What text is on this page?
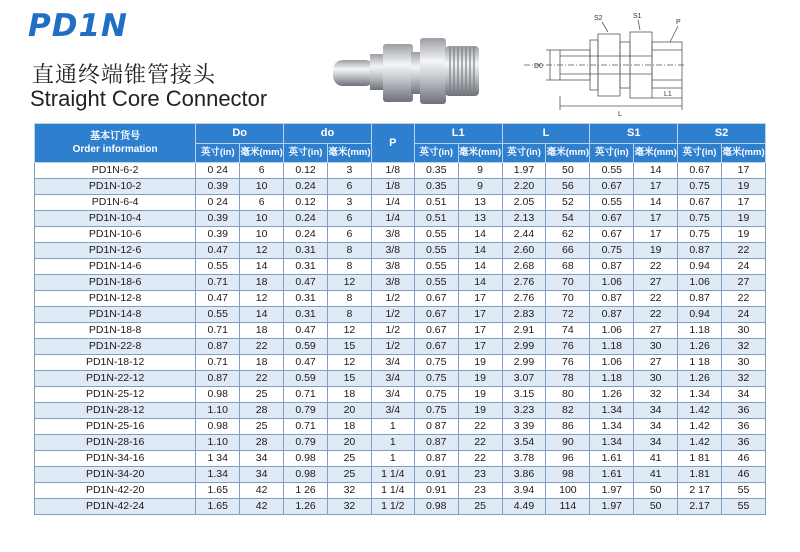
PD1N
直通终端锥管接头
Straight Core Connector
S2	S1
P
D0
L1
L
基本订货号
Order information	Do		do		P	L1		L		S1		S2	
	英寸(in)	毫米(mm)	英寸(in)	毫米(mm)		英寸(in)	毫米(mm)	英寸(in)	毫米(mm)	英寸(in)	毫米(mm)	英寸(in)	毫米(mm)
PD1N-6-2	0 24	6	0.12	3	1/8	0.35	9	1.97	50	0.55	14	0.67	17
PD1N-10-2	0.39	10	0.24	6	1/8	0.35	9	2.20	56	0.67	17	0.75	19
PD1N-6-4	0 24	6	0.12	3	1/4	0.51	13	2.05	52	0.55	14	0.67	17
PD1N-10-4	0.39	10	0.24	6	1/4	0.51	13	2.13	54	0.67	17	0.75	19
PD1N-10-6	0.39	10	0.24	6	3/8	0.55	14	2.44	62	0.67	17	0.75	19
PD1N-12-6	0.47	12	0.31	8	3/8	0.55	14	2.60	66	0.75	19	0.87	22
PD1N-14-6	0.55	14	0.31	8	3/8	0.55	14	2.68	68	0.87	22	0.94	24
PD1N-18-6	0.71	18	0.47	12	3/8	0.55	14	2.76	70	1.06	27	1.06	27
PD1N-12-8	0.47	12	0.31	8	1/2	0.67	17	2.76	70	0.87	22	0.87	22
PD1N-14-8	0.55	14	0.31	8	1/2	0.67	17	2.83	72	0.87	22	0.94	24
PD1N-18-8	0.71	18	0.47	12	1/2	0.67	17	2.91	74	1.06	27	1.18	30
PD1N-22-8	0.87	22	0.59	15	1/2	0.67	17	2.99	76	1.18	30	1.26	32
PD1N-18-12	0.71	18	0.47	12	3/4	0.75	19	2.99	76	1.06	27	1 18	30
PD1N-22-12	0.87	22	0.59	15	3/4	0.75	19	3.07	78	1.18	30	1.26	32
PD1N-25-12	0.98	25	0.71	18	3/4	0.75	19	3.15	80	1.26	32	1.34	34
PD1N-28-12	1.10	28	0.79	20	3/4	0.75	19	3.23	82	1.34	34	1.42	36
PD1N-25-16	0.98	25	0.71	18	1	0 87	22	3 39	86	1.34	34	1.42	36
PD1N-28-16	1.10	28	0.79	20	1	0.87	22	3.54	90	1.34	34	1.42	36
PD1N-34-16	1 34	34	0.98	25	1	0.87	22	3.78	96	1.61	41	1 81	46
PD1N-34-20	1.34	34	0.98	25	1 1/4	0.91	23	3.86	98	1.61	41	1.81	46
PD1N-42-20	1.65	42	1 26	32	1 1/4	0.91	23	3.94	100	1.97	50	2 17	55
PD1N-42-24	1.65	42	1.26	32	1 1/2	0.98	25	4.49	114	1.97	50	2.17	55
